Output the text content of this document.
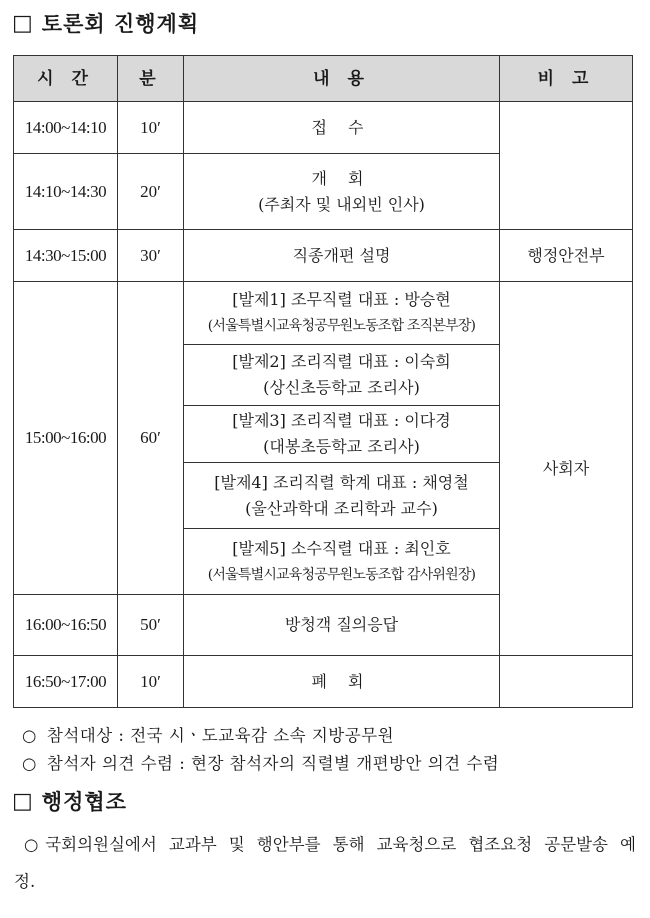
□ 토론회 진행계획
시 간	분	내 용	비 고
14:00~14:10	10′	접 수	
14:10~14:30	20′	개 회
(주최자 및 내외빈 인사)	

14:30~15:00	30′	직종개편 설명	행정안전부
15:00~16:00	60′	[발제1] 조무직렬 대표 : 방승현
(서울특별시교육청공무원노동조합 조직본부장)	사회자

		[발제2] 조리직렬 대표 : 이숙희
(상신초등학교 조리사)	

		[발제3] 조리직렬 대표 : 이다경
(대봉초등학교 조리사)	

		[발제4] 조리직렬 학계 대표 : 채영철
(울산과학대 조리학과 교수)	

		[발제5] 소수직렬 대표 : 최인호
(서울특별시교육청공무원노동조합 감사위원장)	

16:00~16:50	50′	방청객 질의응답	
16:50~17:00	10′	폐 회	
○ 참석대상 : 전국 시ㆍ도교육감 소속 지방공무원
○ 참석자 의견 수렴 : 현장 참석자의 직렬별 개편방안 의견 수렴
□ 행정협조
○ 국회의원실에서 교과부 및 행안부를 통해 교육청으로 협조요청 공문발송 예정.
